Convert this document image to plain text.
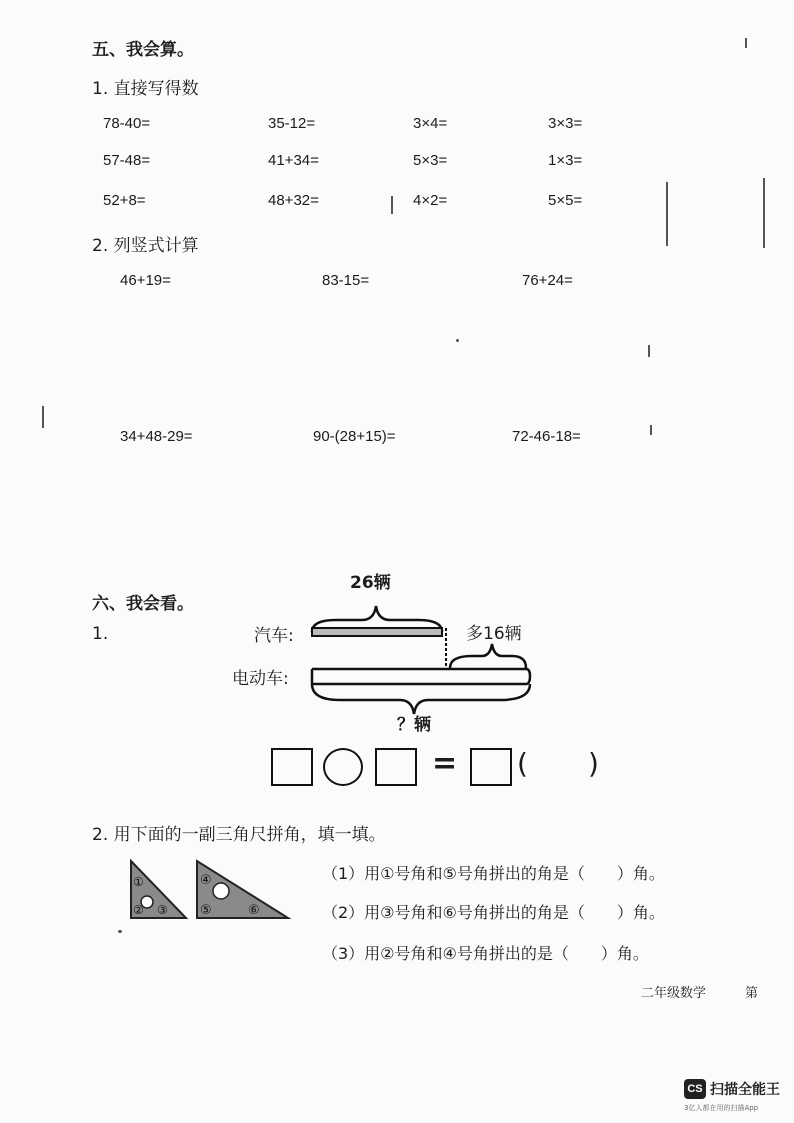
五、我会算。
1. 直接写得数
78-40=	35-12=	3×4=	3×3=
57-48=	41+34=	5×3=	1×3=
52+8=	48+32=	4×2=	5×5=
2. 列竖式计算
46+19=	83-15=	76+24=
34+48-29=	90-(28+15)=	72-46-18=
六、我会看。
1.
26辆
汽车:	多16辆
电动车:
？辆
= ( )
2. 用下面的一副三角尺拼角，填一填。
①
② ③
④
⑤	⑥
（1）用①号角和⑤号角拼出的角是（　　）角。
（2）用③号角和⑥号角拼出的角是（　　）角。
（3）用②号角和④号角拼出的是（　　）角。
二年级数学	第
CS 扫描全能王
3亿人都在用的扫描App
